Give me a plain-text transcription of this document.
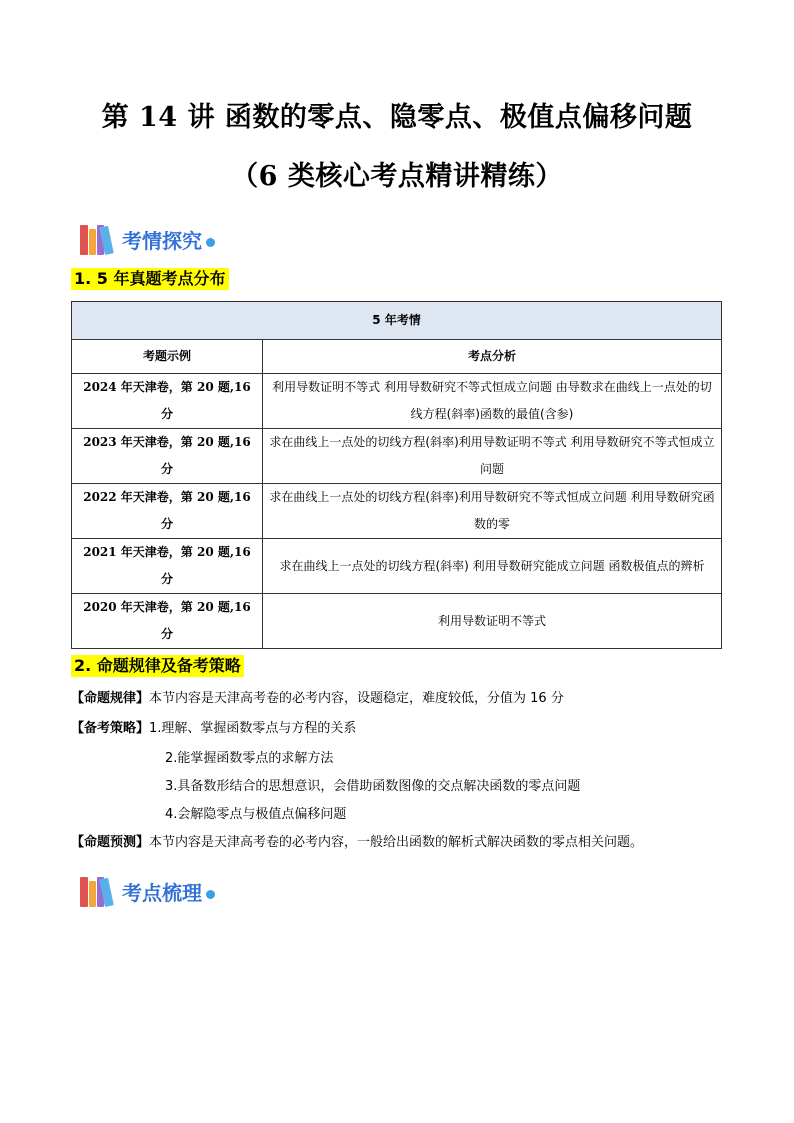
第 14 讲 函数的零点、隐零点、极值点偏移问题
（6 类核心考点精讲精练）
考情探究
1. 5 年真题考点分布
5 年考情	
考题示例	考点分析
2024 年天津卷，第 20 题,16 分	利用导数证明不等式 利用导数研究不等式恒成立问题 由导数求在曲线上一点处的切线方程(斜率)函数的最值(含参)
2023 年天津卷，第 20 题,16 分	求在曲线上一点处的切线方程(斜率)利用导数证明不等式 利用导数研究不等式恒成立问题
2022 年天津卷，第 20 题,16 分	求在曲线上一点处的切线方程(斜率)利用导数研究不等式恒成立问题 利用导数研究函数的零
2021 年天津卷，第 20 题,16 分	求在曲线上一点处的切线方程(斜率) 利用导数研究能成立问题 函数极值点的辨析
2020 年天津卷，第 20 题,16 分	利用导数证明不等式
2. 命题规律及备考策略
【命题规律】本节内容是天津高考卷的必考内容，设题稳定，难度较低，分值为 16 分
【备考策略】1.理解、掌握函数零点与方程的关系
2.能掌握函数零点的求解方法
3.具备数形结合的思想意识，会借助函数图像的交点解决函数的零点问题
4.会解隐零点与极值点偏移问题
【命题预测】本节内容是天津高考卷的必考内容，一般给出函数的解析式解决函数的零点相关问题。
考点梳理
